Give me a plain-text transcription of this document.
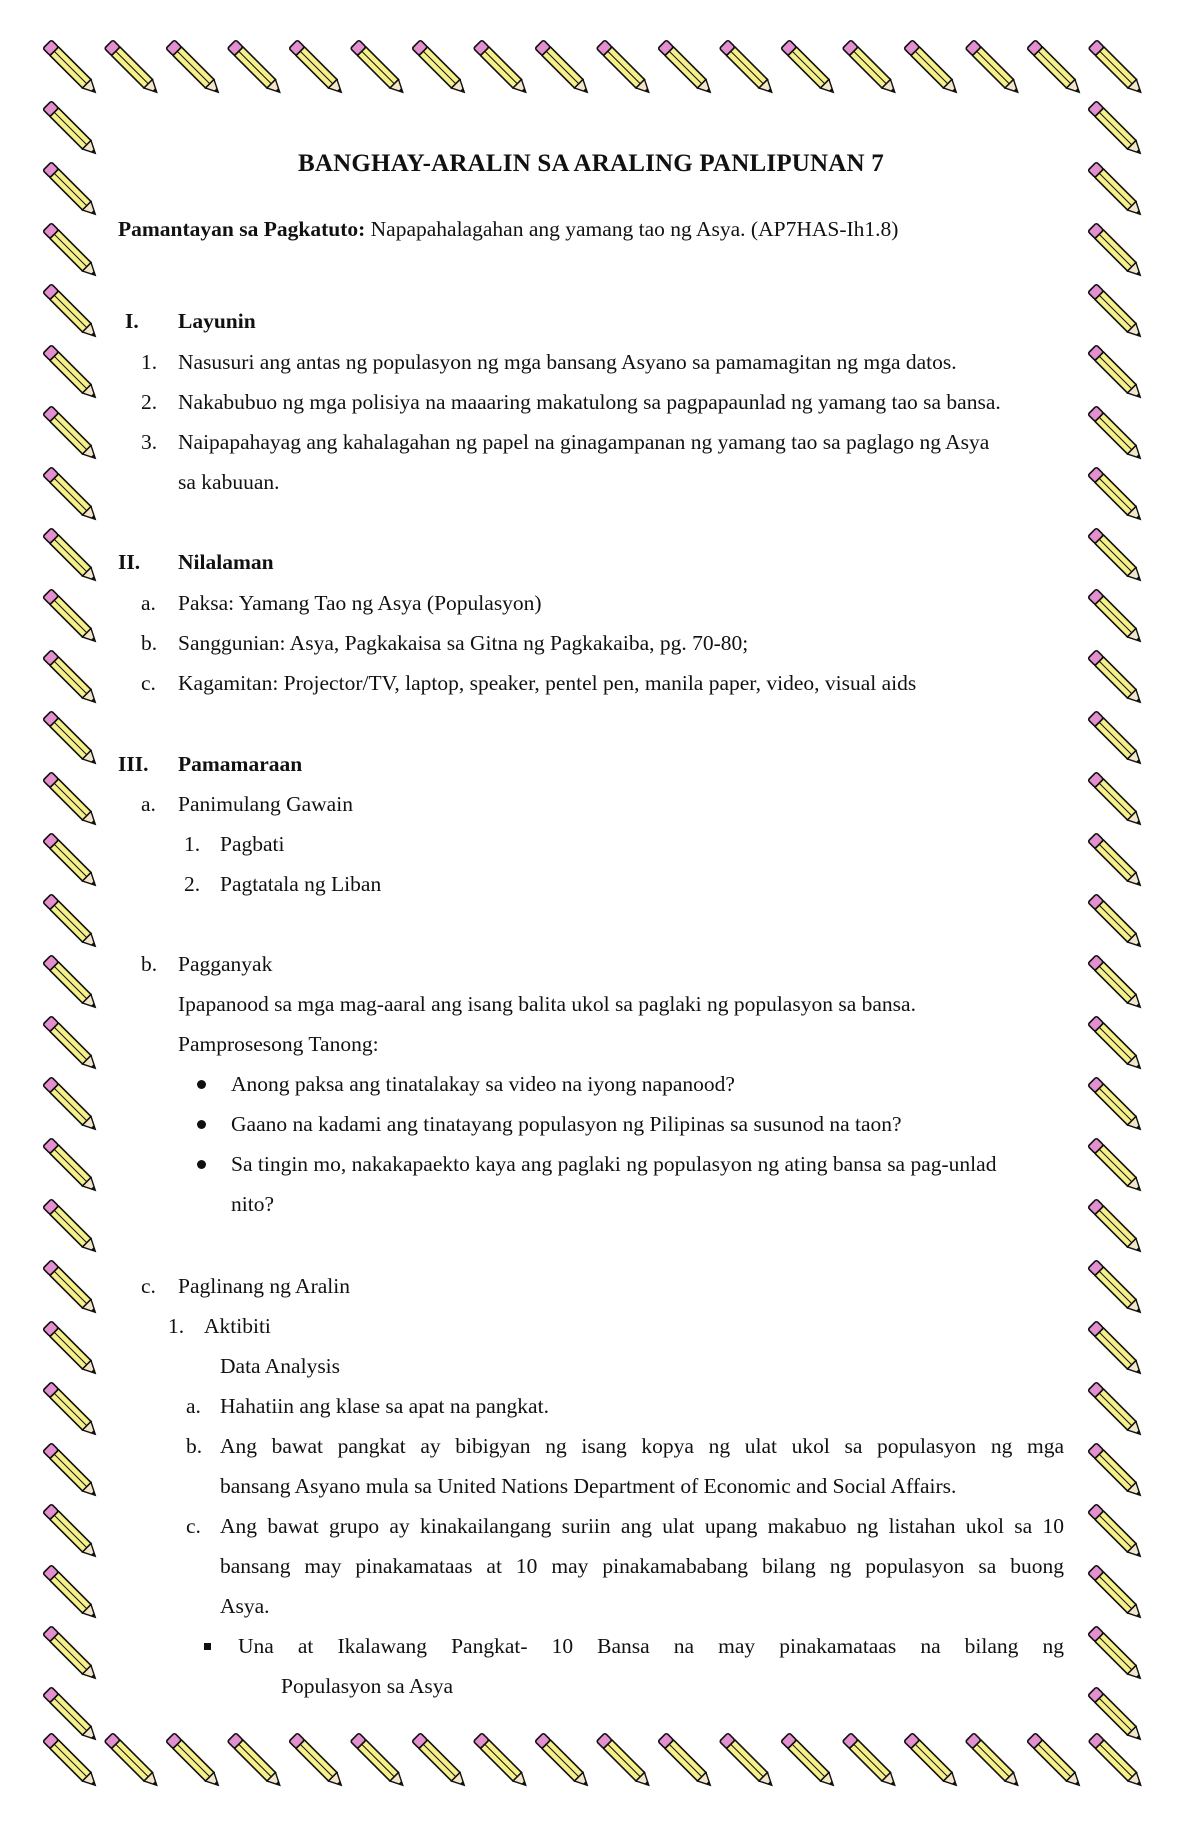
BANGHAY-ARALIN SA ARALING PANLIPUNAN 7
Pamantayan sa Pagkatuto: Napapahalagahan ang yamang tao ng Asya. (AP7HAS-Ih1.8)
I. Layunin
1. Nasusuri ang antas ng populasyon ng mga bansang Asyano sa pamamagitan ng mga datos.
2. Nakabubuo ng mga polisiya na maaaring makatulong sa pagpapaunlad ng yamang tao sa bansa.
3. Naipapahayag ang kahalagahan ng papel na ginagampanan ng yamang tao sa paglago ng Asya
sa kabuuan.
II. Nilalaman
a. Paksa: Yamang Tao ng Asya (Populasyon)
b. Sanggunian: Asya, Pagkakaisa sa Gitna ng Pagkakaiba, pg. 70-80;
c. Kagamitan: Projector/TV, laptop, speaker, pentel pen, manila paper, video, visual aids
III. Pamamaraan
a. Panimulang Gawain
1. Pagbati
2. Pagtatala ng Liban
b. Pagganyak
Ipapanood sa mga mag-aaral ang isang balita ukol sa paglaki ng populasyon sa bansa.
Pamprosesong Tanong:
Anong paksa ang tinatalakay sa video na iyong napanood?
Gaano na kadami ang tinatayang populasyon ng Pilipinas sa susunod na taon?
Sa tingin mo, nakakapaekto kaya ang paglaki ng populasyon ng ating bansa sa pag-unlad
nito?
c. Paglinang ng Aralin
1. Aktibiti
Data Analysis
a. Hahatiin ang klase sa apat na pangkat.
b. Ang bawat pangkat ay bibigyan ng isang kopya ng ulat ukol sa populasyon ng mga
bansang Asyano mula sa United Nations Department of Economic and Social Affairs.
c. Ang bawat grupo ay kinakailangang suriin ang ulat upang makabuo ng listahan ukol sa 10
bansang may pinakamataas at 10 may pinakamababang bilang ng populasyon sa buong
Asya.
Una at Ikalawang Pangkat- 10 Bansa na may pinakamataas na bilang ng
Populasyon sa Asya
